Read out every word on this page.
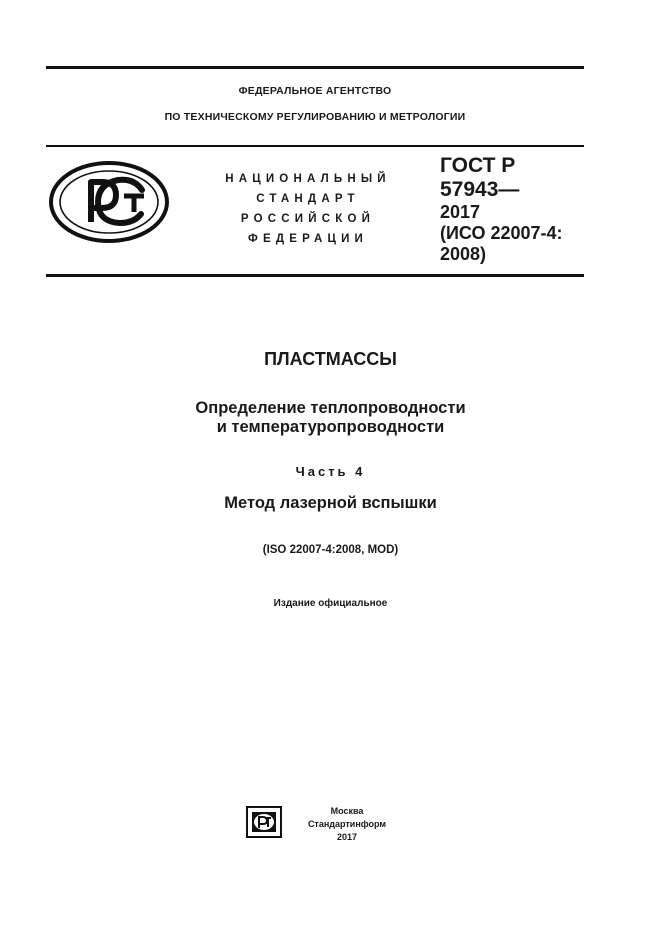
ФЕДЕРАЛЬНОЕ АГЕНТСТВО
ПО ТЕХНИЧЕСКОМУ РЕГУЛИРОВАНИЮ И МЕТРОЛОГИИ
НАЦИОНАЛЬНЫЙ
СТАНДАРТ
РОССИЙСКОЙ
ФЕДЕРАЦИИ
ГОСТ Р
57943—
2017
(ИСО 22007-4:
2008)
ПЛАСТМАССЫ
Определение теплопроводности
и температуропроводности
Часть 4
Метод лазерной вспышки
(ISO 22007-4:2008, MOD)
Издание официальное
Москва
Стандартинформ
2017
